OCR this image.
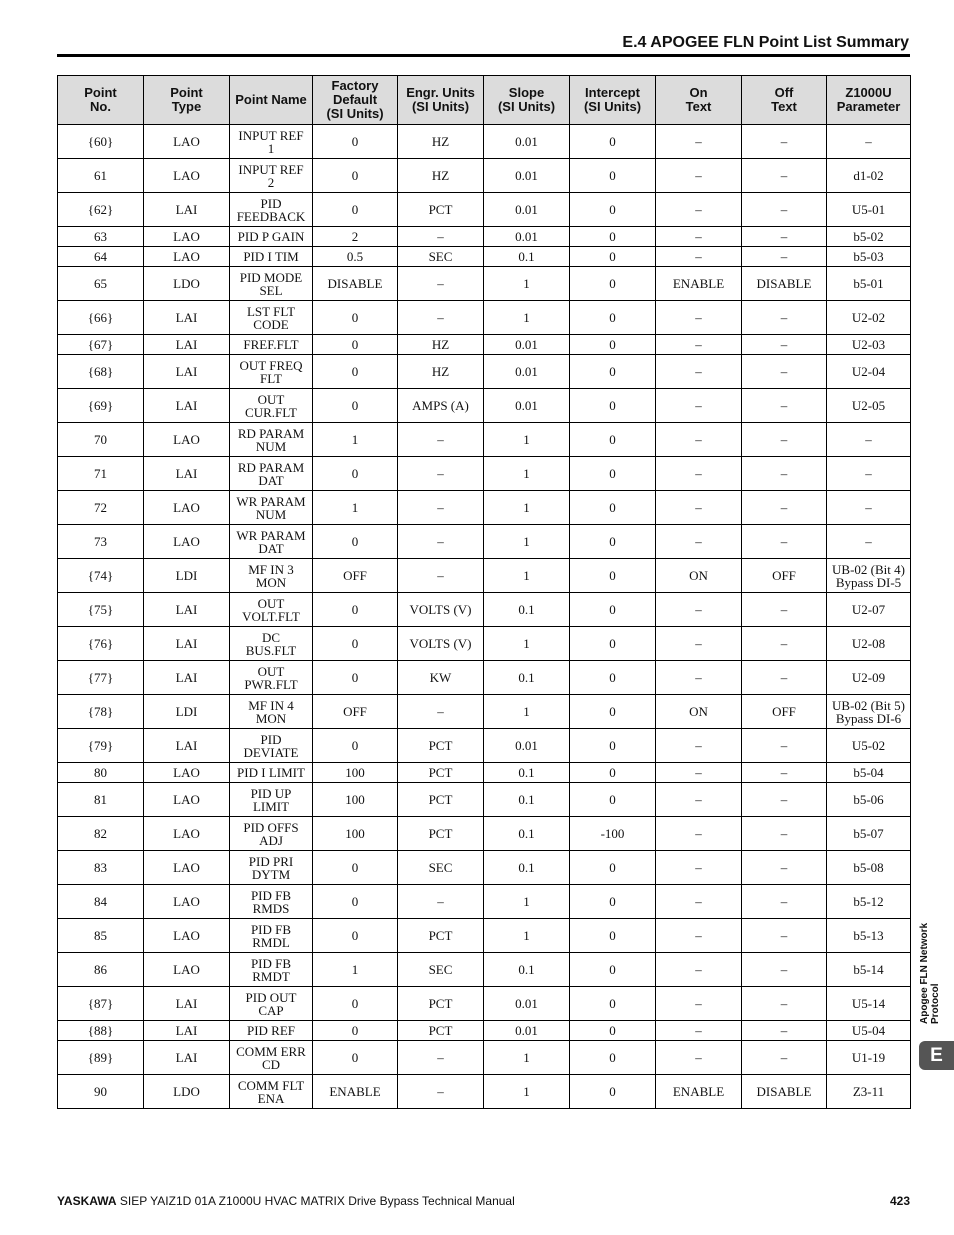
E.4 APOGEE FLN Point List Summary
Point
No.	Point
Type	Point Name	Factory
Default
(SI Units)	Engr. Units
(SI Units)	Slope
(SI Units)	Intercept
(SI Units)	On
Text	Off
Text	Z1000U
Parameter
{60}	LAO	INPUT REF
1	0	HZ	0.01	0	–	–	–
61	LAO	INPUT REF
2	0	HZ	0.01	0	–	–	d1-02
{62}	LAI	PID
FEEDBACK	0	PCT	0.01	0	–	–	U5-01
63	LAO	PID P GAIN	2	–	0.01	0	–	–	b5-02
64	LAO	PID I TIM	0.5	SEC	0.1	0	–	–	b5-03
65	LDO	PID MODE
SEL	DISABLE	–	1	0	ENABLE	DISABLE	b5-01
{66}	LAI	LST FLT
CODE	0	–	1	0	–	–	U2-02
{67}	LAI	FREF.FLT	0	HZ	0.01	0	–	–	U2-03
{68}	LAI	OUT FREQ
FLT	0	HZ	0.01	0	–	–	U2-04
{69}	LAI	OUT
CUR.FLT	0	AMPS (A)	0.01	0	–	–	U2-05
70	LAO	RD PARAM
NUM	1	–	1	0	–	–	–
71	LAI	RD PARAM
DAT	0	–	1	0	–	–	–
72	LAO	WR PARAM
NUM	1	–	1	0	–	–	–
73	LAO	WR PARAM
DAT	0	–	1	0	–	–	–
{74}	LDI	MF IN 3
MON	OFF	–	1	0	ON	OFF	UB-02 (Bit 4)
Bypass DI-5
{75}	LAI	OUT
VOLT.FLT	0	VOLTS (V)	0.1	0	–	–	U2-07
{76}	LAI	DC
BUS.FLT	0	VOLTS (V)	1	0	–	–	U2-08
{77}	LAI	OUT
PWR.FLT	0	KW	0.1	0	–	–	U2-09
{78}	LDI	MF IN 4
MON	OFF	–	1	0	ON	OFF	UB-02 (Bit 5)
Bypass DI-6
{79}	LAI	PID
DEVIATE	0	PCT	0.01	0	–	–	U5-02
80	LAO	PID I LIMIT	100	PCT	0.1	0	–	–	b5-04
81	LAO	PID UP
LIMIT	100	PCT	0.1	0	–	–	b5-06
82	LAO	PID OFFS
ADJ	100	PCT	0.1	-100	–	–	b5-07
83	LAO	PID PRI
DYTM	0	SEC	0.1	0	–	–	b5-08
84	LAO	PID FB
RMDS	0	–	1	0	–	–	b5-12
85	LAO	PID FB
RMDL	0	PCT	1	0	–	–	b5-13
86	LAO	PID FB
RMDT	1	SEC	0.1	0	–	–	b5-14
{87}	LAI	PID OUT
CAP	0	PCT	0.01	0	–	–	U5-14
{88}	LAI	PID REF	0	PCT	0.01	0	–	–	U5-04
{89}	LAI	COMM ERR
CD	0	–	1	0	–	–	U1-19
90	LDO	COMM FLT
ENA	ENABLE	–	1	0	ENABLE	DISABLE	Z3-11
Apogee FLN Network
Protocol
E
YASKAWA SIEP YAIZ1D 01A Z1000U HVAC MATRIX Drive Bypass Technical Manual	423
